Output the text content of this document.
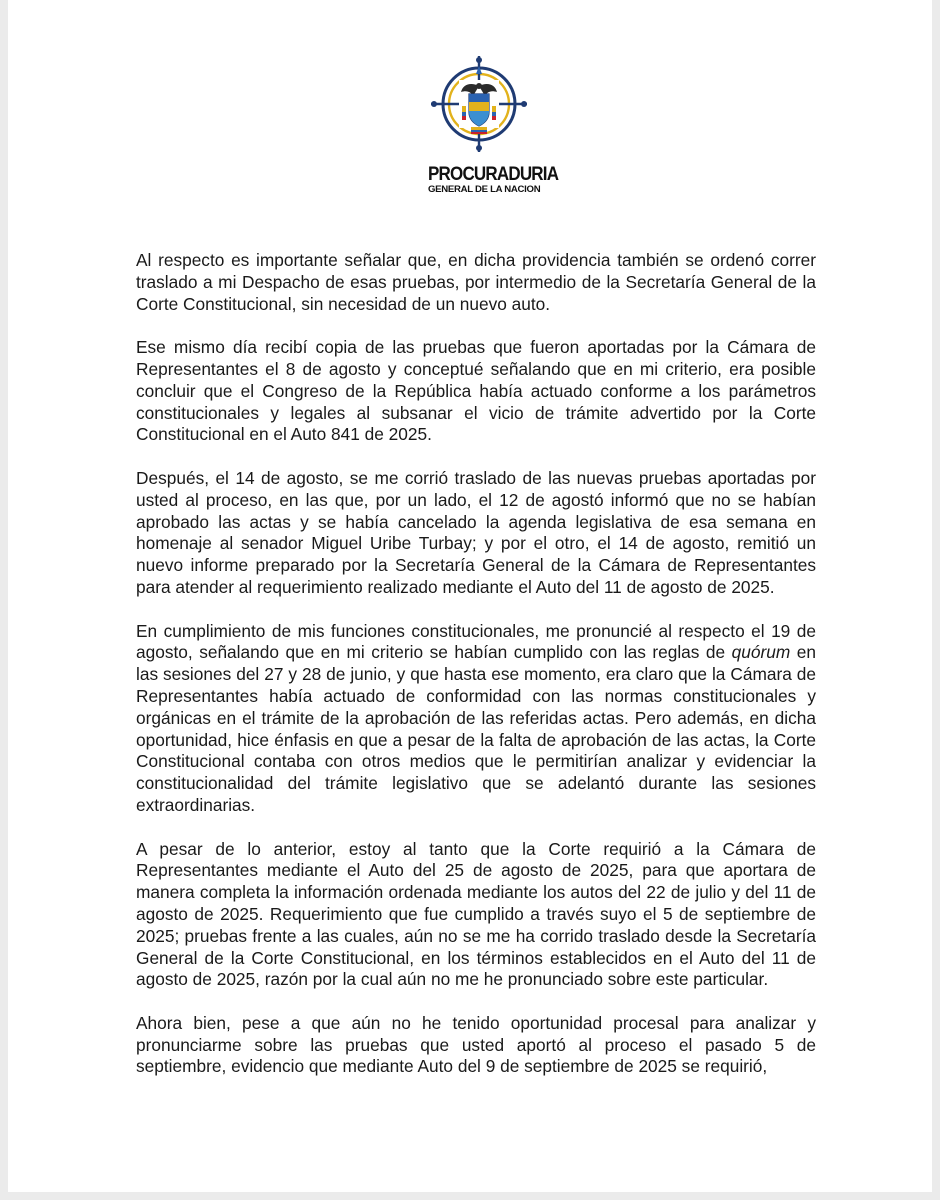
PROCURADURIA
GENERAL DE LA NACION

Al respecto es importante señalar que, en dicha providencia también se ordenó correr traslado a mi Despacho de esas pruebas, por intermedio de la Secretaría General de la Corte Constitucional, sin necesidad de un nuevo auto.

Ese mismo día recibí copia de las pruebas que fueron aportadas por la Cámara de Representantes el 8 de agosto y conceptué señalando que en mi criterio, era posible concluir que el Congreso de la República había actuado conforme a los parámetros constitucionales y legales al subsanar el vicio de trámite advertido por la Corte Constitucional en el Auto 841 de 2025.

Después, el 14 de agosto, se me corrió traslado de las nuevas pruebas aportadas por usted al proceso, en las que, por un lado, el 12 de agostó informó que no se habían aprobado las actas y se había cancelado la agenda legislativa de esa semana en homenaje al senador Miguel Uribe Turbay; y por el otro, el 14 de agosto, remitió un nuevo informe preparado por la Secretaría General de la Cámara de Representantes para atender al requerimiento realizado mediante el Auto del 11 de agosto de 2025.

En cumplimiento de mis funciones constitucionales, me pronuncié al respecto el 19 de agosto, señalando que en mi criterio se habían cumplido con las reglas de quórum en las sesiones del 27 y 28 de junio, y que hasta ese momento, era claro que la Cámara de Representantes había actuado de conformidad con las normas constitucionales y orgánicas en el trámite de la aprobación de las referidas actas. Pero además, en dicha oportunidad, hice énfasis en que a pesar de la falta de aprobación de las actas, la Corte Constitucional contaba con otros medios que le permitirían analizar y evidenciar la constitucionalidad del trámite legislativo que se adelantó durante las sesiones extraordinarias.

A pesar de lo anterior, estoy al tanto que la Corte requirió a la Cámara de Representantes mediante el Auto del 25 de agosto de 2025, para que aportara de manera completa la información ordenada mediante los autos del 22 de julio y del 11 de agosto de 2025. Requerimiento que fue cumplido a través suyo el 5 de septiembre de 2025; pruebas frente a las cuales, aún no se me ha corrido traslado desde la Secretaría General de la Corte Constitucional, en los términos establecidos en el Auto del 11 de agosto de 2025, razón por la cual aún no me he pronunciado sobre este particular.

Ahora bien, pese a que aún no he tenido oportunidad procesal para analizar y pronunciarme sobre las pruebas que usted aportó al proceso el pasado 5 de septiembre, evidencio que mediante Auto del 9 de septiembre de 2025 se requirió,
